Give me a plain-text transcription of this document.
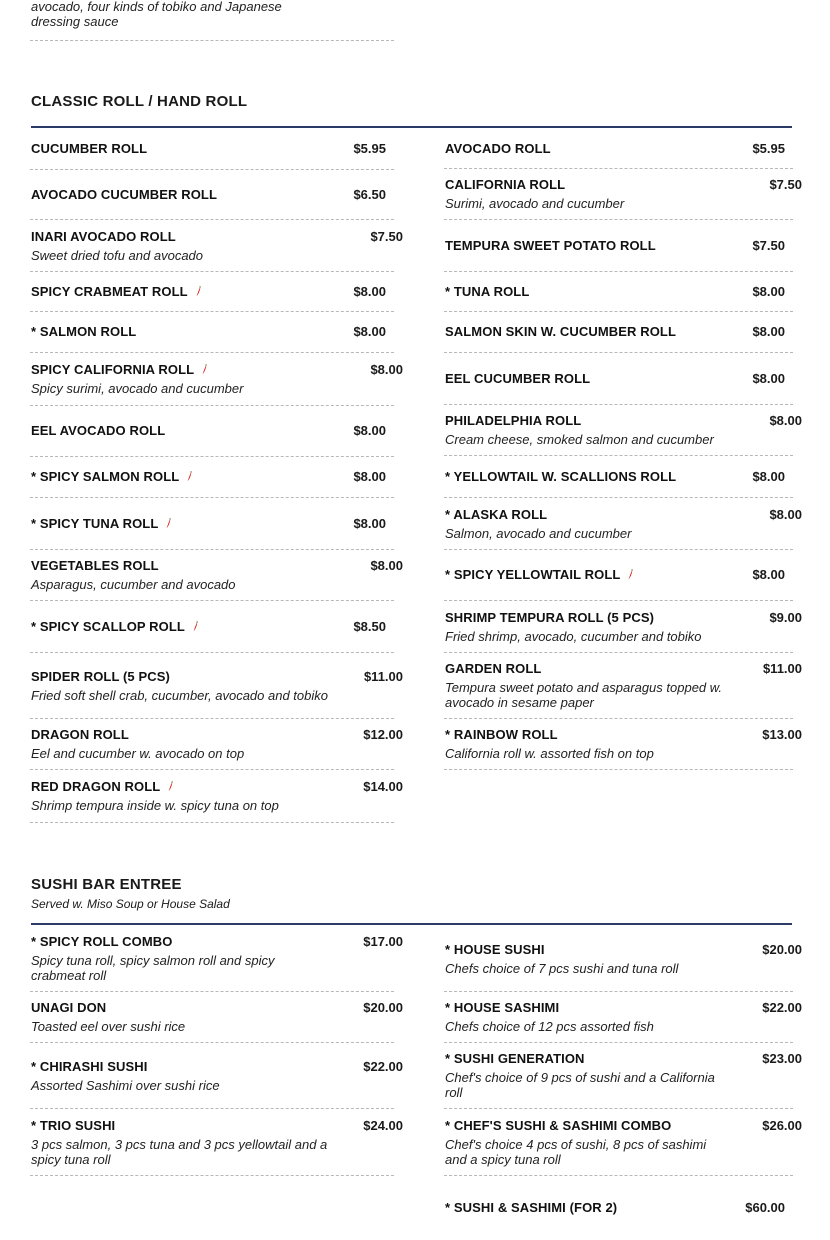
avocado, four kinds of tobiko and Japanese
dressing sauce
CLASSIC ROLL / HAND ROLL
CUCUMBER ROLL	$5.95
AVOCADO CUCUMBER ROLL	$6.50
INARI AVOCADO ROLL
Sweet dried tofu and avocado
$7.50
SPICY CRABMEAT ROLL	$8.00
* SALMON ROLL	$8.00
SPICY CALIFORNIA ROLL
Spicy surimi, avocado and cucumber
$8.00
EEL AVOCADO ROLL	$8.00
* SPICY SALMON ROLL	$8.00
* SPICY TUNA ROLL	$8.00
VEGETABLES ROLL
Asparagus, cucumber and avocado
$8.00
* SPICY SCALLOP ROLL	$8.50
SPIDER ROLL (5 PCS)
Fried soft shell crab, cucumber, avocado and tobiko
$11.00
DRAGON ROLL
Eel and cucumber w. avocado on top
$12.00
RED DRAGON ROLL
Shrimp tempura inside w. spicy tuna on top
$14.00
AVOCADO ROLL	$5.95
CALIFORNIA ROLL
Surimi, avocado and cucumber
$7.50
TEMPURA SWEET POTATO ROLL	$7.50
* TUNA ROLL	$8.00
SALMON SKIN W. CUCUMBER ROLL	$8.00
EEL CUCUMBER ROLL	$8.00
PHILADELPHIA ROLL
Cream cheese, smoked salmon and cucumber
$8.00
* YELLOWTAIL W. SCALLIONS ROLL	$8.00
* ALASKA ROLL
Salmon, avocado and cucumber
$8.00
* SPICY YELLOWTAIL ROLL	$8.00
SHRIMP TEMPURA ROLL (5 PCS)
Fried shrimp, avocado, cucumber and tobiko
$9.00
GARDEN ROLL
Tempura sweet potato and asparagus topped w. avocado in sesame paper
$11.00
* RAINBOW ROLL
California roll w. assorted fish on top
$13.00
SUSHI BAR ENTREE
Served w. Miso Soup or House Salad
* SPICY ROLL COMBO
Spicy tuna roll, spicy salmon roll and spicy crabmeat roll
$17.00
UNAGI DON
Toasted eel over sushi rice
$20.00
* CHIRASHI SUSHI
Assorted Sashimi over sushi rice
$22.00
* TRIO SUSHI
3 pcs salmon, 3 pcs tuna and 3 pcs yellowtail and a spicy tuna roll
$24.00
* HOUSE SUSHI
Chefs choice of 7 pcs sushi and tuna roll
$20.00
* HOUSE SASHIMI
Chefs choice of 12 pcs assorted fish
$22.00
* SUSHI GENERATION
Chef's choice of 9 pcs of sushi and a California roll
$23.00
* CHEF'S SUSHI & SASHIMI COMBO
Chef's choice 4 pcs of sushi, 8 pcs of sashimi and a spicy tuna roll
$26.00
* SUSHI & SASHIMI (FOR 2)	$60.00
